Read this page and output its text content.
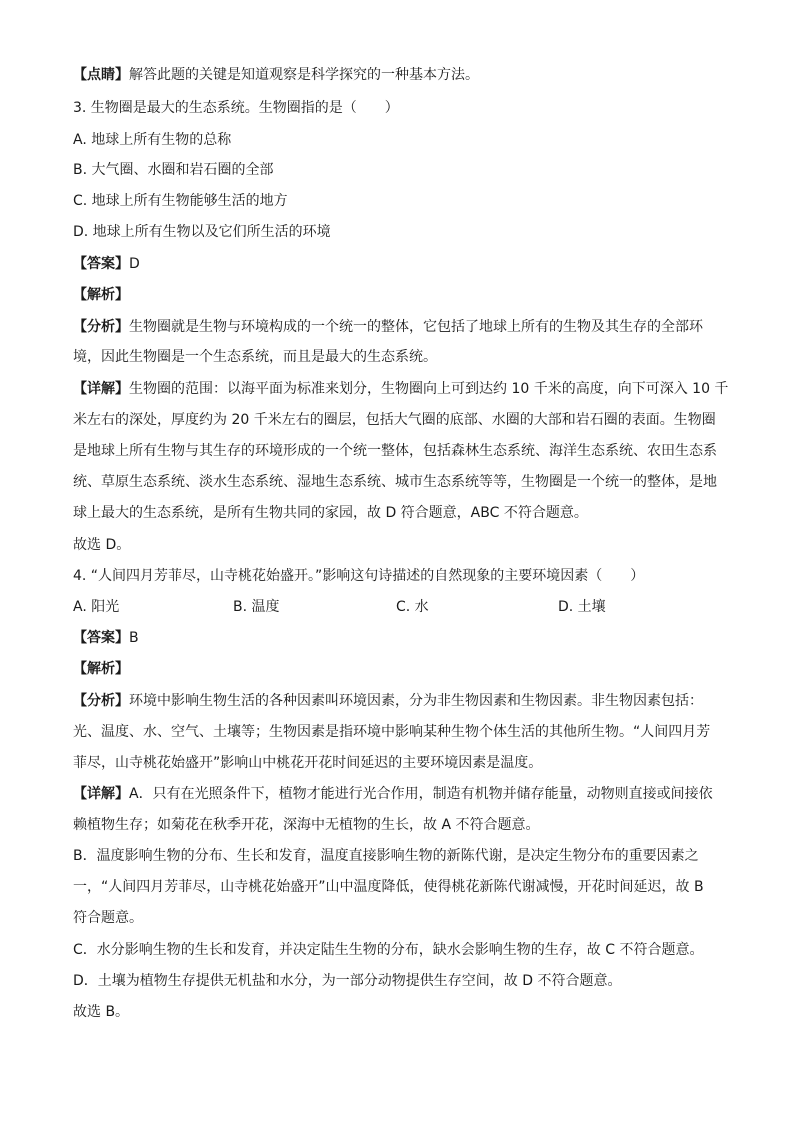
【点睛】解答此题的关键是知道观察是科学探究的一种基本方法。
3. 生物圈是最大的生态系统。生物圈指的是（　　）
A. 地球上所有生物的总称
B. 大气圈、水圈和岩石圈的全部
C. 地球上所有生物能够生活的地方
D. 地球上所有生物以及它们所生活的环境
【答案】D
【解析】
【分析】生物圈就是生物与环境构成的一个统一的整体，它包括了地球上所有的生物及其生存的全部环
境，因此生物圈是一个生态系统，而且是最大的生态系统。
【详解】生物圈的范围：以海平面为标准来划分，生物圈向上可到达约 10 千米的高度，向下可深入 10 千
米左右的深处，厚度约为 20 千米左右的圈层，包括大气圈的底部、水圈的大部和岩石圈的表面。生物圈
是地球上所有生物与其生存的环境形成的一个统一整体，包括森林生态系统、海洋生态系统、农田生态系
统、草原生态系统、淡水生态系统、湿地生态系统、城市生态系统等等，生物圈是一个统一的整体，是地
球上最大的生态系统，是所有生物共同的家园，故 D 符合题意，ABC 不符合题意。
故选 D。
4. “人间四月芳菲尽，山寺桃花始盛开。”影响这句诗描述的自然现象的主要环境因素（　　）
A. 阳光	B. 温度	C. 水	D. 土壤
【答案】B
【解析】
【分析】环境中影响生物生活的各种因素叫环境因素，分为非生物因素和生物因素。非生物因素包括：
光、温度、水、空气、土壤等；生物因素是指环境中影响某种生物个体生活的其他所生物。“人间四月芳
菲尽，山寺桃花始盛开”影响山中桃花开花时间延迟的主要环境因素是温度。
【详解】A．只有在光照条件下，植物才能进行光合作用，制造有机物并储存能量，动物则直接或间接依
赖植物生存；如菊花在秋季开花，深海中无植物的生长，故 A 不符合题意。
B．温度影响生物的分布、生长和发育，温度直接影响生物的新陈代谢，是决定生物分布的重要因素之
一，“人间四月芳菲尽，山寺桃花始盛开”山中温度降低，使得桃花新陈代谢减慢，开花时间延迟，故 B
符合题意。
C．水分影响生物的生长和发育，并决定陆生生物的分布，缺水会影响生物的生存，故 C 不符合题意。
D．土壤为植物生存提供无机盐和水分，为一部分动物提供生存空间，故 D 不符合题意。
故选 B。
